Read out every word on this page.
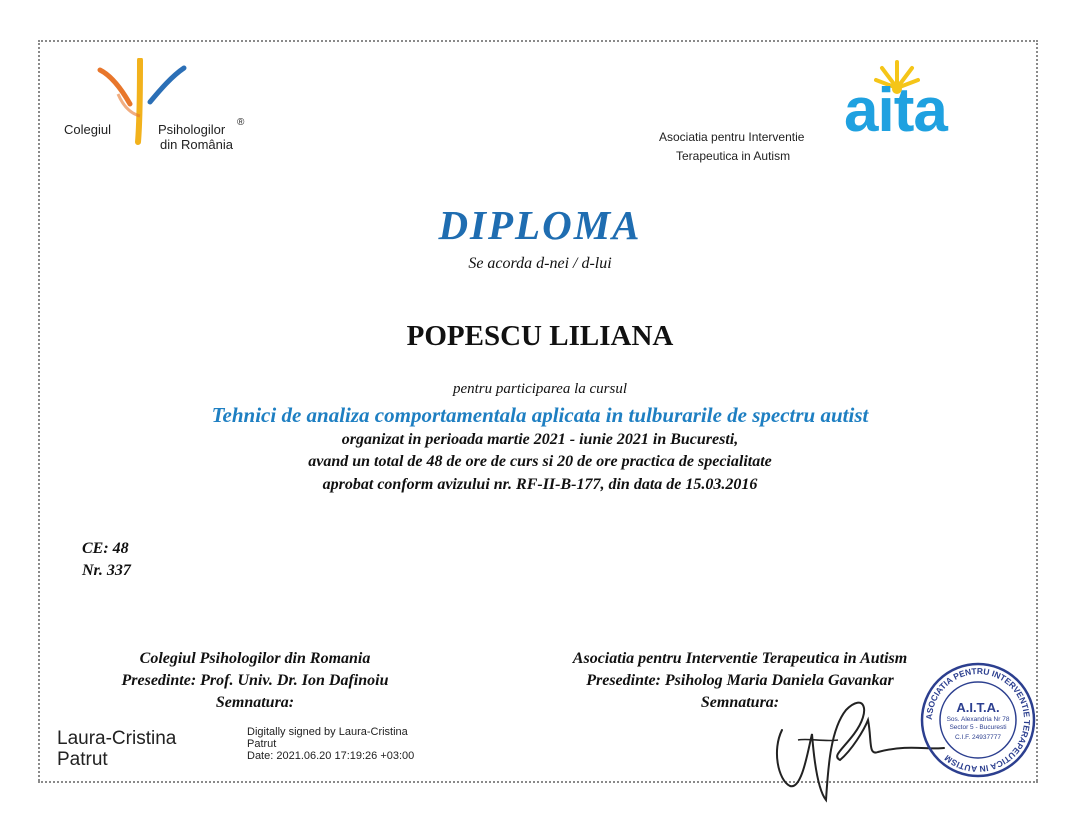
Colegiul	Psihologilor ®
din România	aita
Asociatia pentru Interventie
Terapeutica in Autism
DIPLOMA
Se acorda d-nei / d-lui
POPESCU LILIANA
pentru participarea la cursul
Tehnici de analiza comportamentala aplicata in tulburarile de spectru autist
organizat in perioada martie 2021 - iunie 2021 in Bucuresti,
avand un total de 48 de ore de curs si 20 de ore practica de specialitate
aprobat conform avizului nr. RF-II-B-177, din data de 15.03.2016
CE: 48
Nr. 337
Colegiul Psihologilor din Romania
Presedinte: Prof. Univ. Dr. Ion Dafinoiu
Semnatura:
Laura-Cristina
Patrut
Digitally signed by Laura-Cristina
Patrut
Date: 2021.06.20 17:19:26 +03:00
Asociatia pentru Interventie Terapeutica in Autism
Presedinte: Psiholog Maria Daniela Gavankar
Semnatura:
ASOCIATIA PENTRU INTERVENTIE TERAPEUTICA IN AUTISM
A.I.T.A.
Sos. Alexandria Nr 78
Sector 5 - Bucuresti
C.I.F. 24937777
